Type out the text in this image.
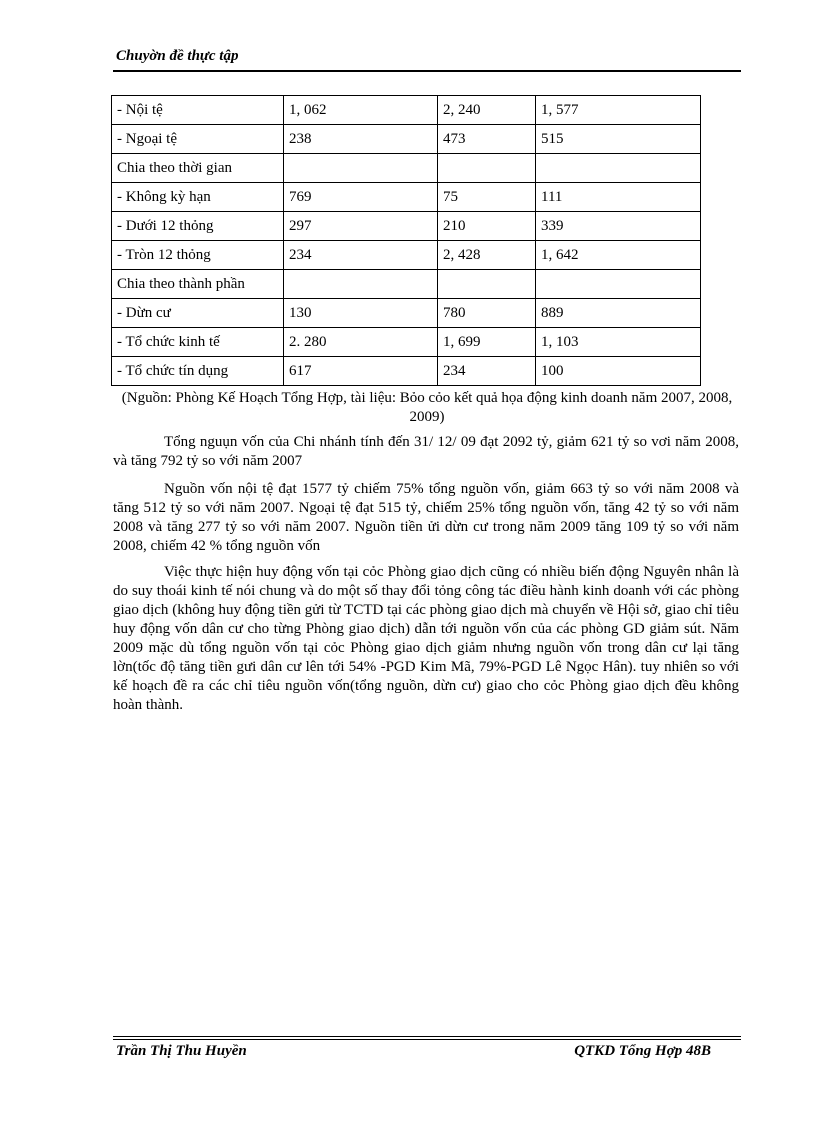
Chuyờn đề thực tập
- Nội tệ	1, 062	2, 240	1, 577
- Ngoại tệ	238	473	515
Chia theo thời gian			
- Không kỳ hạn	769	75	111
- Dưới 12 thỏng	297	210	339
- Tròn 12 thỏng	234	2, 428	1, 642
Chia theo thành phần			
- Dừn cư	130	780	889
- Tổ chức kinh tế	2. 280	1, 699	1, 103
- Tổ chức tín dụng	617	234	100
(Nguồn: Phòng Kế Hoạch Tổng Hợp, tài liệu: Bỏo cỏo kết quả họa động kinh doanh năm 2007, 2008, 2009)

Tổng nguụn vốn của Chi nhánh tính đến 31/ 12/ 09 đạt 2092 tỷ, giảm 621 tỷ so vơi năm 2008, và tăng 792 tỷ so với năm 2007

Nguồn vốn nội tệ đạt 1577 tỷ chiếm 75% tổng nguồn vốn, giảm 663 tỷ so với năm 2008 và tăng 512 tỷ so với năm 2007. Ngoại tệ đạt 515 tỷ, chiếm 25% tổng nguồn vốn, tăng 42 tỷ so với năm 2008 và tăng 277 tỷ so với năm 2007. Nguồn tiền ửi dừn cư trong năm 2009 tăng 109 tỷ so với năm 2008, chiếm 42 % tổng nguồn vốn

Việc thực hiện huy động vốn tại cỏc Phòng giao dịch cũng có nhiều biến động Nguyên nhân là do suy thoái kinh tế nói chung và do một số thay đổi tỏng công tác điều hành kinh doanh với các phòng giao dịch (không huy động tiền gửi từ TCTD tại các phòng giao dịch mà chuyển về Hội sở, giao chỉ tiêu huy động vốn dân cư cho từng Phòng giao dịch) dẫn tới nguồn vốn của các phòng GD giảm sút. Năm 2009 mặc dù tổng nguồn vốn tại cỏc Phòng giao dịch giảm nhưng nguồn vốn trong dân cư lại tăng lờn(tốc độ tăng tiền gưi dân cư lên tới 54% -PGD Kim Mã, 79%-PGD Lê Ngọc Hân). tuy nhiên so với kế hoạch đề ra các chỉ tiêu nguồn vốn(tổng nguồn, dừn cư) giao cho cỏc Phòng giao dịch đều không hoàn thành.

Trần Thị Thu Huyền	QTKD Tổng Hợp 48B
